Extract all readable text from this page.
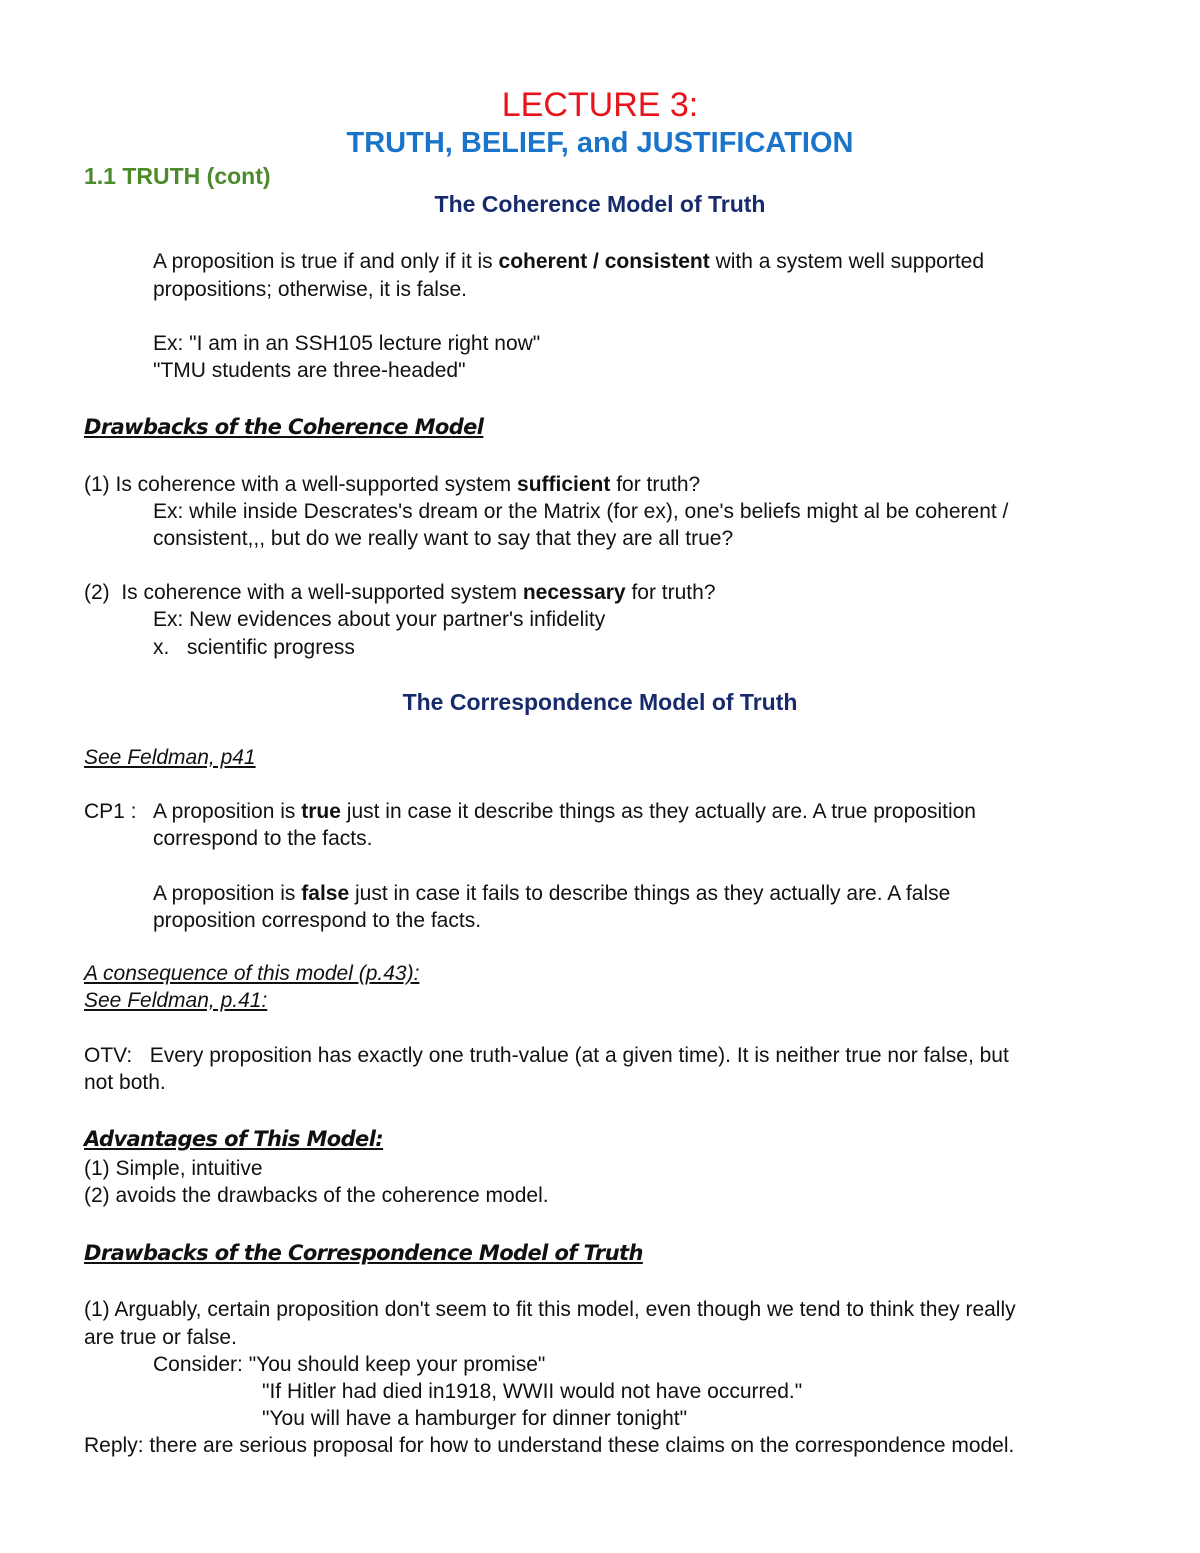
LECTURE 3:
TRUTH, BELIEF, and JUSTIFICATION
1.1 TRUTH (cont)
The Coherence Model of Truth
A proposition is true if and only if it is coherent / consistent with a system well supported
propositions; otherwise, it is false.
Ex: "I am in an SSH105 lecture right now"
"TMU students are three-headed"
Drawbacks of the Coherence Model
(1) Is coherence with a well-supported system sufficient for truth?
Ex: while inside Descrates's dream or the Matrix (for ex), one's beliefs might al be coherent /
consistent,,, but do we really want to say that they are all true?
(2)  Is coherence with a well-supported system necessary for truth?
Ex: New evidences about your partner's infidelity
x.   scientific progress
The Correspondence Model of Truth
See Feldman, p41
CP1 : A proposition is true just in case it describe things as they actually are. A true proposition
correspond to the facts.
A proposition is false just in case it fails to describe things as they actually are. A false
proposition correspond to the facts.
A consequence of this model (p.43):
See Feldman, p.41:
OTV:   Every proposition has exactly one truth-value (at a given time). It is neither true nor false, but
not both.
Advantages of This Model:
(1) Simple, intuitive
(2) avoids the drawbacks of the coherence model.
Drawbacks of the Correspondence Model of Truth
(1) Arguably, certain proposition don't seem to fit this model, even though we tend to think they really
are true or false.
Consider: "You should keep your promise"
"If Hitler had died in1918, WWII would not have occurred."
"You will have a hamburger for dinner tonight"
Reply: there are serious proposal for how to understand these claims on the correspondence model.
